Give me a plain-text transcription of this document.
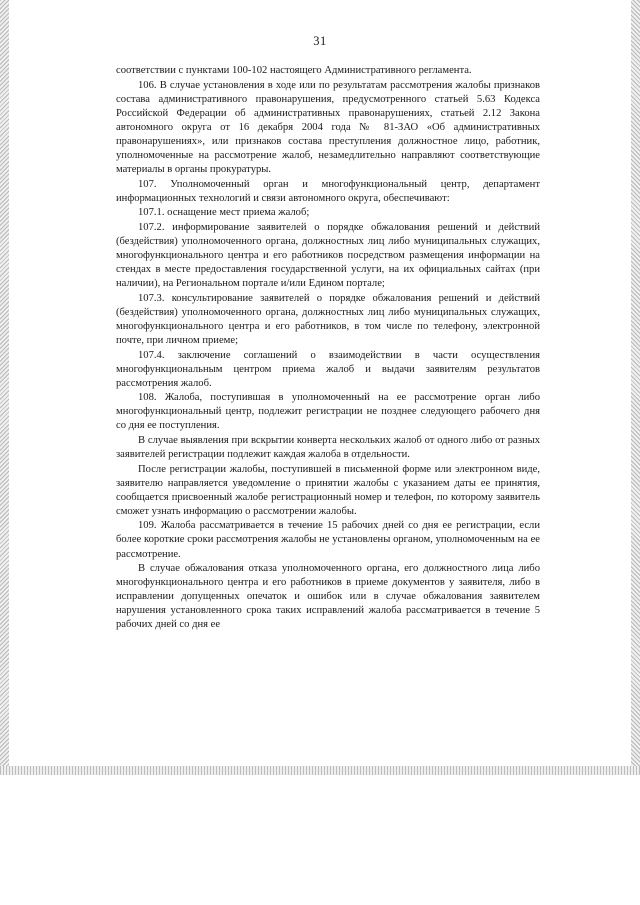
31

соответствии с пунктами 100-102 настоящего Административного регламента.

106. В случае установления в ходе или по результатам рассмотрения жалобы признаков состава административного правонарушения, предусмотренного статьей 5.63 Кодекса Российской Федерации об административных правонарушениях, статьей 2.12 Закона автономного округа от 16 декабря 2004 года № 81-ЗАО «Об административных правонарушениях», или признаков состава преступления должностное лицо, работник, уполномоченные на рассмотрение жалоб, незамедлительно направляют соответствующие материалы в органы прокуратуры.

107. Уполномоченный орган и многофункциональный центр, департамент информационных технологий и связи автономного округа, обеспечивают:

107.1. оснащение мест приема жалоб;

107.2. информирование заявителей о порядке обжалования решений и действий (бездействия) уполномоченного органа, должностных лиц либо муниципальных служащих, многофункционального центра и его работников посредством размещения информации на стендах в месте предоставления государственной услуги, на их официальных сайтах (при наличии), на Региональном портале и/или Едином портале;

107.3. консультирование заявителей о порядке обжалования решений и действий (бездействия) уполномоченного органа, должностных лиц либо муниципальных служащих, многофункционального центра и его работников, в том числе по телефону, электронной почте, при личном приеме;

107.4. заключение соглашений о взаимодействии в части осуществления многофункциональным центром приема жалоб и выдачи заявителям результатов рассмотрения жалоб.

108. Жалоба, поступившая в уполномоченный на ее рассмотрение орган либо многофункциональный центр, подлежит регистрации не позднее следующего рабочего дня со дня ее поступления.

В случае выявления при вскрытии конверта нескольких жалоб от одного либо от разных заявителей регистрации подлежит каждая жалоба в отдельности.

После регистрации жалобы, поступившей в письменной форме или электронном виде, заявителю направляется уведомление о принятии жалобы с указанием даты ее принятия, сообщается присвоенный жалобе регистрационный номер и телефон, по которому заявитель сможет узнать информацию о рассмотрении жалобы.

109. Жалоба рассматривается в течение 15 рабочих дней со дня ее регистрации, если более короткие сроки рассмотрения жалобы не установлены органом, уполномоченным на ее рассмотрение.

В случае обжалования отказа уполномоченного органа, его должностного лица либо многофункционального центра и его работников в приеме документов у заявителя, либо в исправлении допущенных опечаток и ошибок или в случае обжалования заявителем нарушения установленного срока таких исправлений жалоба рассматривается в течение 5 рабочих дней со дня ее
